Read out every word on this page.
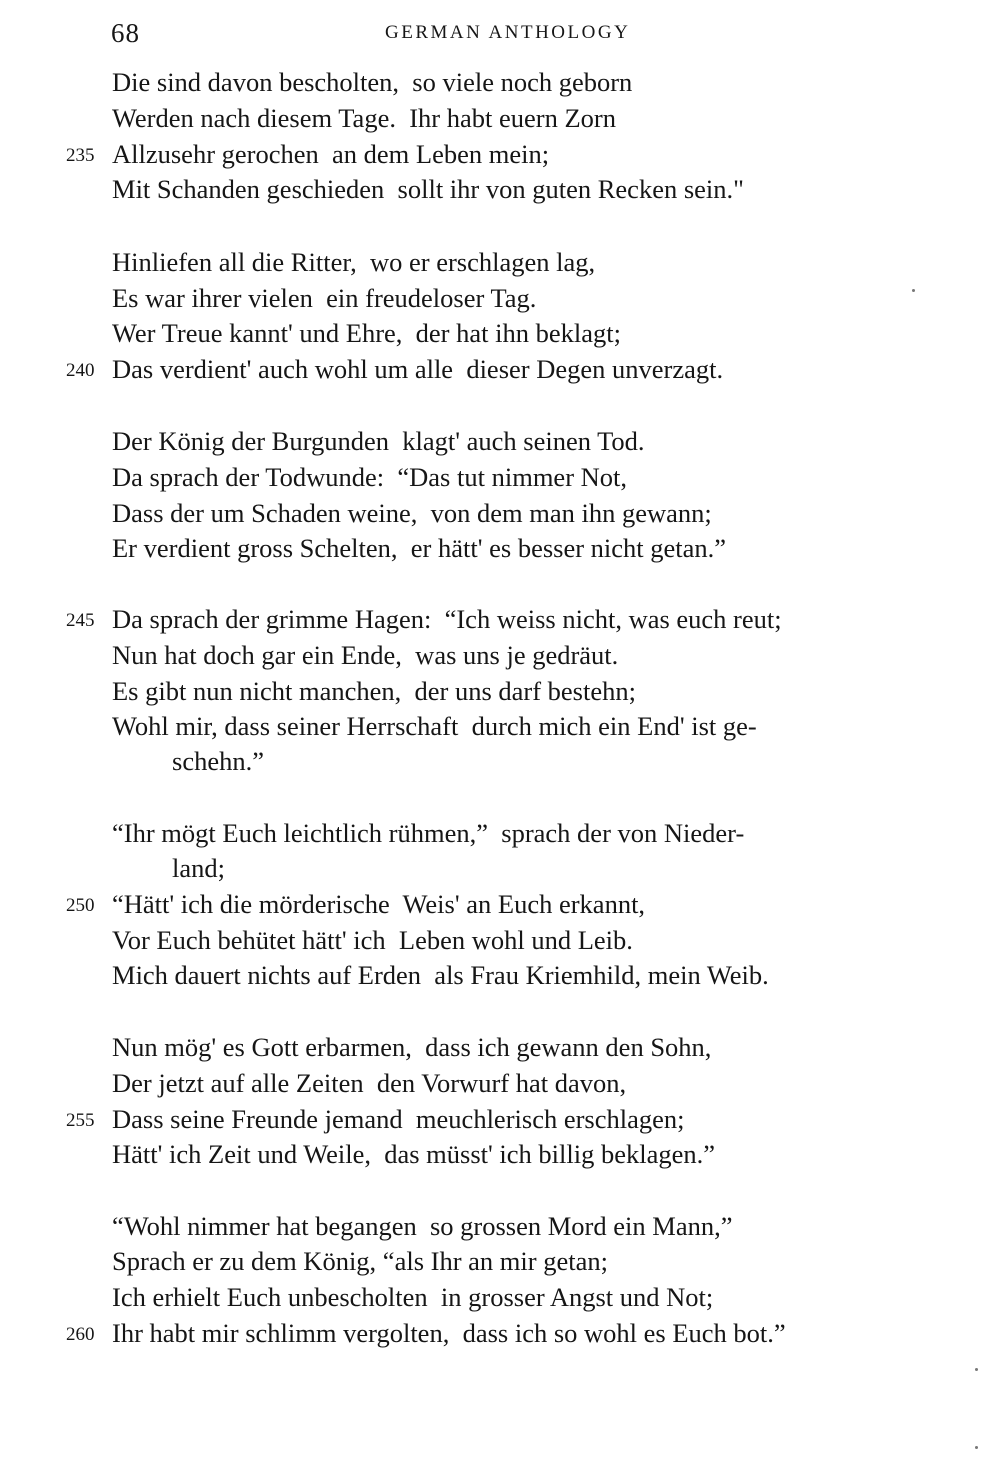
68	GERMAN ANTHOLOGY
Die sind davon bescholten,  so viele noch geborn
Werden nach diesem Tage.  Ihr habt euern Zorn
235 Allzusehr gerochen  an dem Leben mein;
Mit Schanden geschieden  sollt ihr von guten Recken sein."
Hinliefen all die Ritter,  wo er erschlagen lag,
Es war ihrer vielen  ein freudeloser Tag.
Wer Treue kannt' und Ehre,  der hat ihn beklagt;
240 Das verdient' auch wohl um alle  dieser Degen unverzagt.
Der König der Burgunden  klagt' auch seinen Tod.
Da sprach der Todwunde:  “Das tut nimmer Not,
Dass der um Schaden weine,  von dem man ihn gewann;
Er verdient gross Schelten,  er hätt' es besser nicht getan.”
245 Da sprach der grimme Hagen:  “Ich weiss nicht, was euch reut;
Nun hat doch gar ein Ende,  was uns je gedräut.
Es gibt nun nicht manchen,  der uns darf bestehn;
Wohl mir, dass seiner Herrschaft  durch mich ein End' ist ge-
schehn.”
“Ihr mögt Euch leichtlich rühmen,”  sprach der von Nieder-
land;
250 “Hätt' ich die mörderische  Weis' an Euch erkannt,
Vor Euch behütet hätt' ich  Leben wohl und Leib.
Mich dauert nichts auf Erden  als Frau Kriemhild, mein Weib.
Nun mög' es Gott erbarmen,  dass ich gewann den Sohn,
Der jetzt auf alle Zeiten  den Vorwurf hat davon,
255 Dass seine Freunde jemand  meuchlerisch erschlagen;
Hätt' ich Zeit und Weile,  das müsst' ich billig beklagen.”
“Wohl nimmer hat begangen  so grossen Mord ein Mann,”
Sprach er zu dem König, “als Ihr an mir getan;
Ich erhielt Euch unbescholten  in grosser Angst und Not;
260 Ihr habt mir schlimm vergolten,  dass ich so wohl es Euch bot.”
